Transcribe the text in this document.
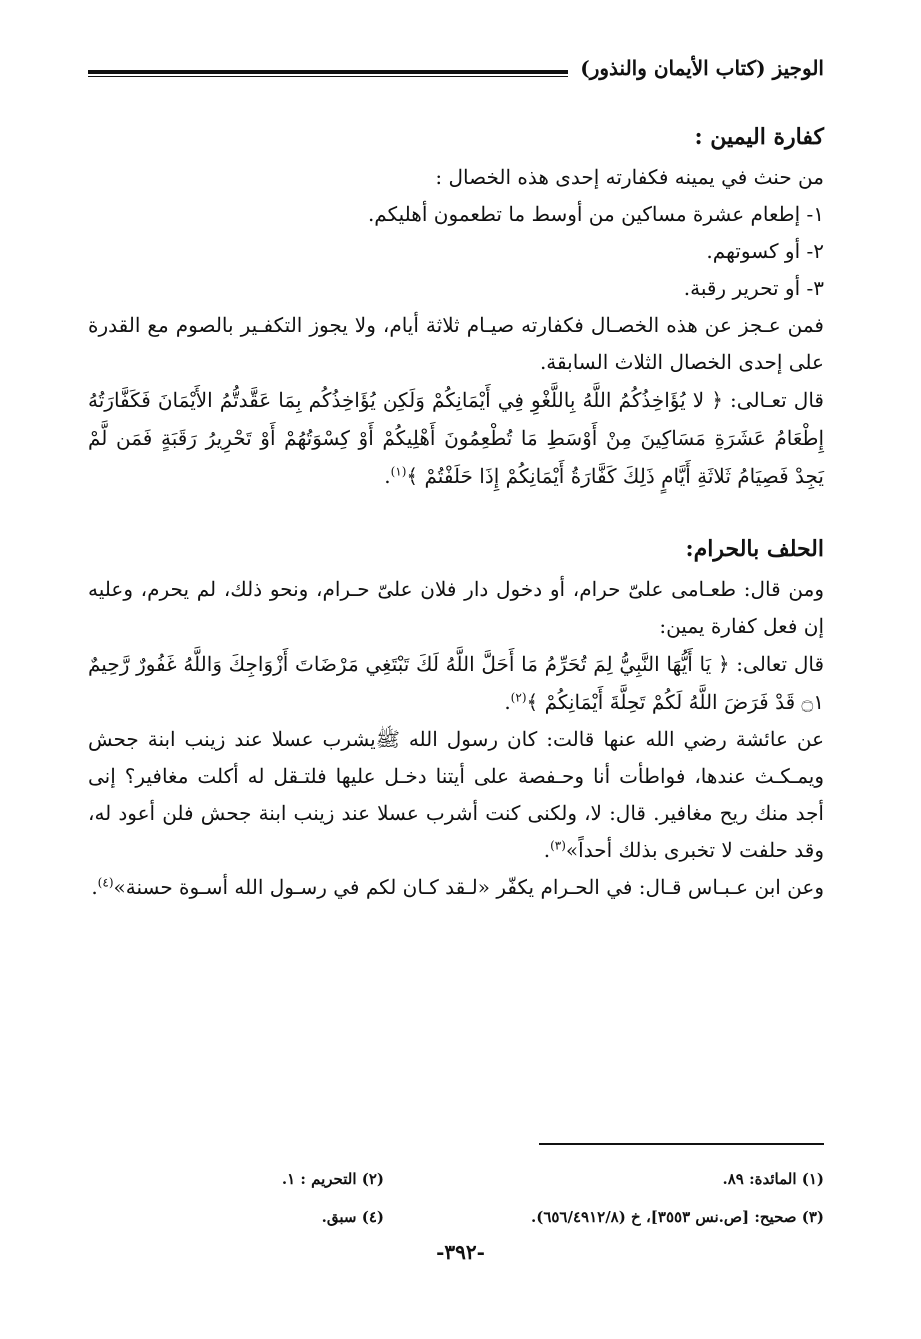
الوجيز (كتاب الأيمان والنذور)
كفارة اليمين :

من حنث في يمينه فكفارته إحدى هذه الخصال :

١- إطعام عشرة مساكين من أوسط ما تطعمون أهليكم.
٢- أو كسوتهم.
٣- أو تحرير رقبة.

فمن عـجز عن هذه الخصـال فكفارته صيـام ثلاثة أيام، ولا يجوز التكفـير بالصوم مع القدرة على إحدى الخصال الثلاث السابقة.

قال تعـالى: ﴿ لا يُؤَاخِذُكُمُ اللَّهُ بِاللَّغْوِ فِي أَيْمَانِكُمْ وَلَكِن يُؤَاخِذُكُم بِمَا عَقَّدتُّمُ الأَيْمَانَ فَكَفَّارَتُهُ إِطْعَامُ عَشَرَةِ مَسَاكِينَ مِنْ أَوْسَطِ مَا تُطْعِمُونَ أَهْلِيكُمْ أَوْ كِسْوَتُهُمْ أَوْ تَحْرِيرُ رَقَبَةٍ فَمَن لَّمْ يَجِدْ فَصِيَامُ ثَلاثَةِ أَيَّامٍ ذَلِكَ كَفَّارَةُ أَيْمَانِكُمْ إِذَا حَلَفْتُمْ ﴾$^{(١)}$.

الحلف بالحرام:

ومن قال: طعـامى علىّ حرام، أو دخول دار فلان علىّ حـرام، ونحو ذلك، لم يحرم، وعليه إن فعل كفارة يمين:

قال تعالى: ﴿ يَا أَيُّهَا النَّبِيُّ لِمَ تُحَرِّمُ مَا أَحَلَّ اللَّهُ لَكَ تَبْتَغِي مَرْضَاتَ أَزْوَاجِكَ وَاللَّهُ غَفُورٌ رَّحِيمٌ ۝١ قَدْ فَرَضَ اللَّهُ لَكُمْ تَحِلَّةَ أَيْمَانِكُمْ ﴾$^{(٢)}$.

عن عائشة رضي الله عنها قالت: كان رسول الله ﷺيشرب عسلا عند زينب ابنة جحش ويمـكـث عندها، فواطأت أنا وحـفصة على أيتنا دخـل عليها فلتـقل له أكلت مغافير؟ إنى أجد منك ريح مغافير. قال: لا، ولكنى كنت أشرب عسلا عند زينب ابنة جحش فلن أعود له، وقد حلفت لا تخبرى بذلك أحداً»$^{(٣)}$.

وعن ابن عـبـاس قـال: في الحـرام يكفّر «لـقد كـان لكم في رسـول الله أسـوة حسنة»$^{(٤)}$.

(١) المائدة: ٨٩.
(٢) التحريم : ١.
(٣) صحيح: [ص.نس ٣٥٥٣]، خ (٦٥٦/٤٩١٢/٨).
(٤) سبق.
-٣٩٢-
